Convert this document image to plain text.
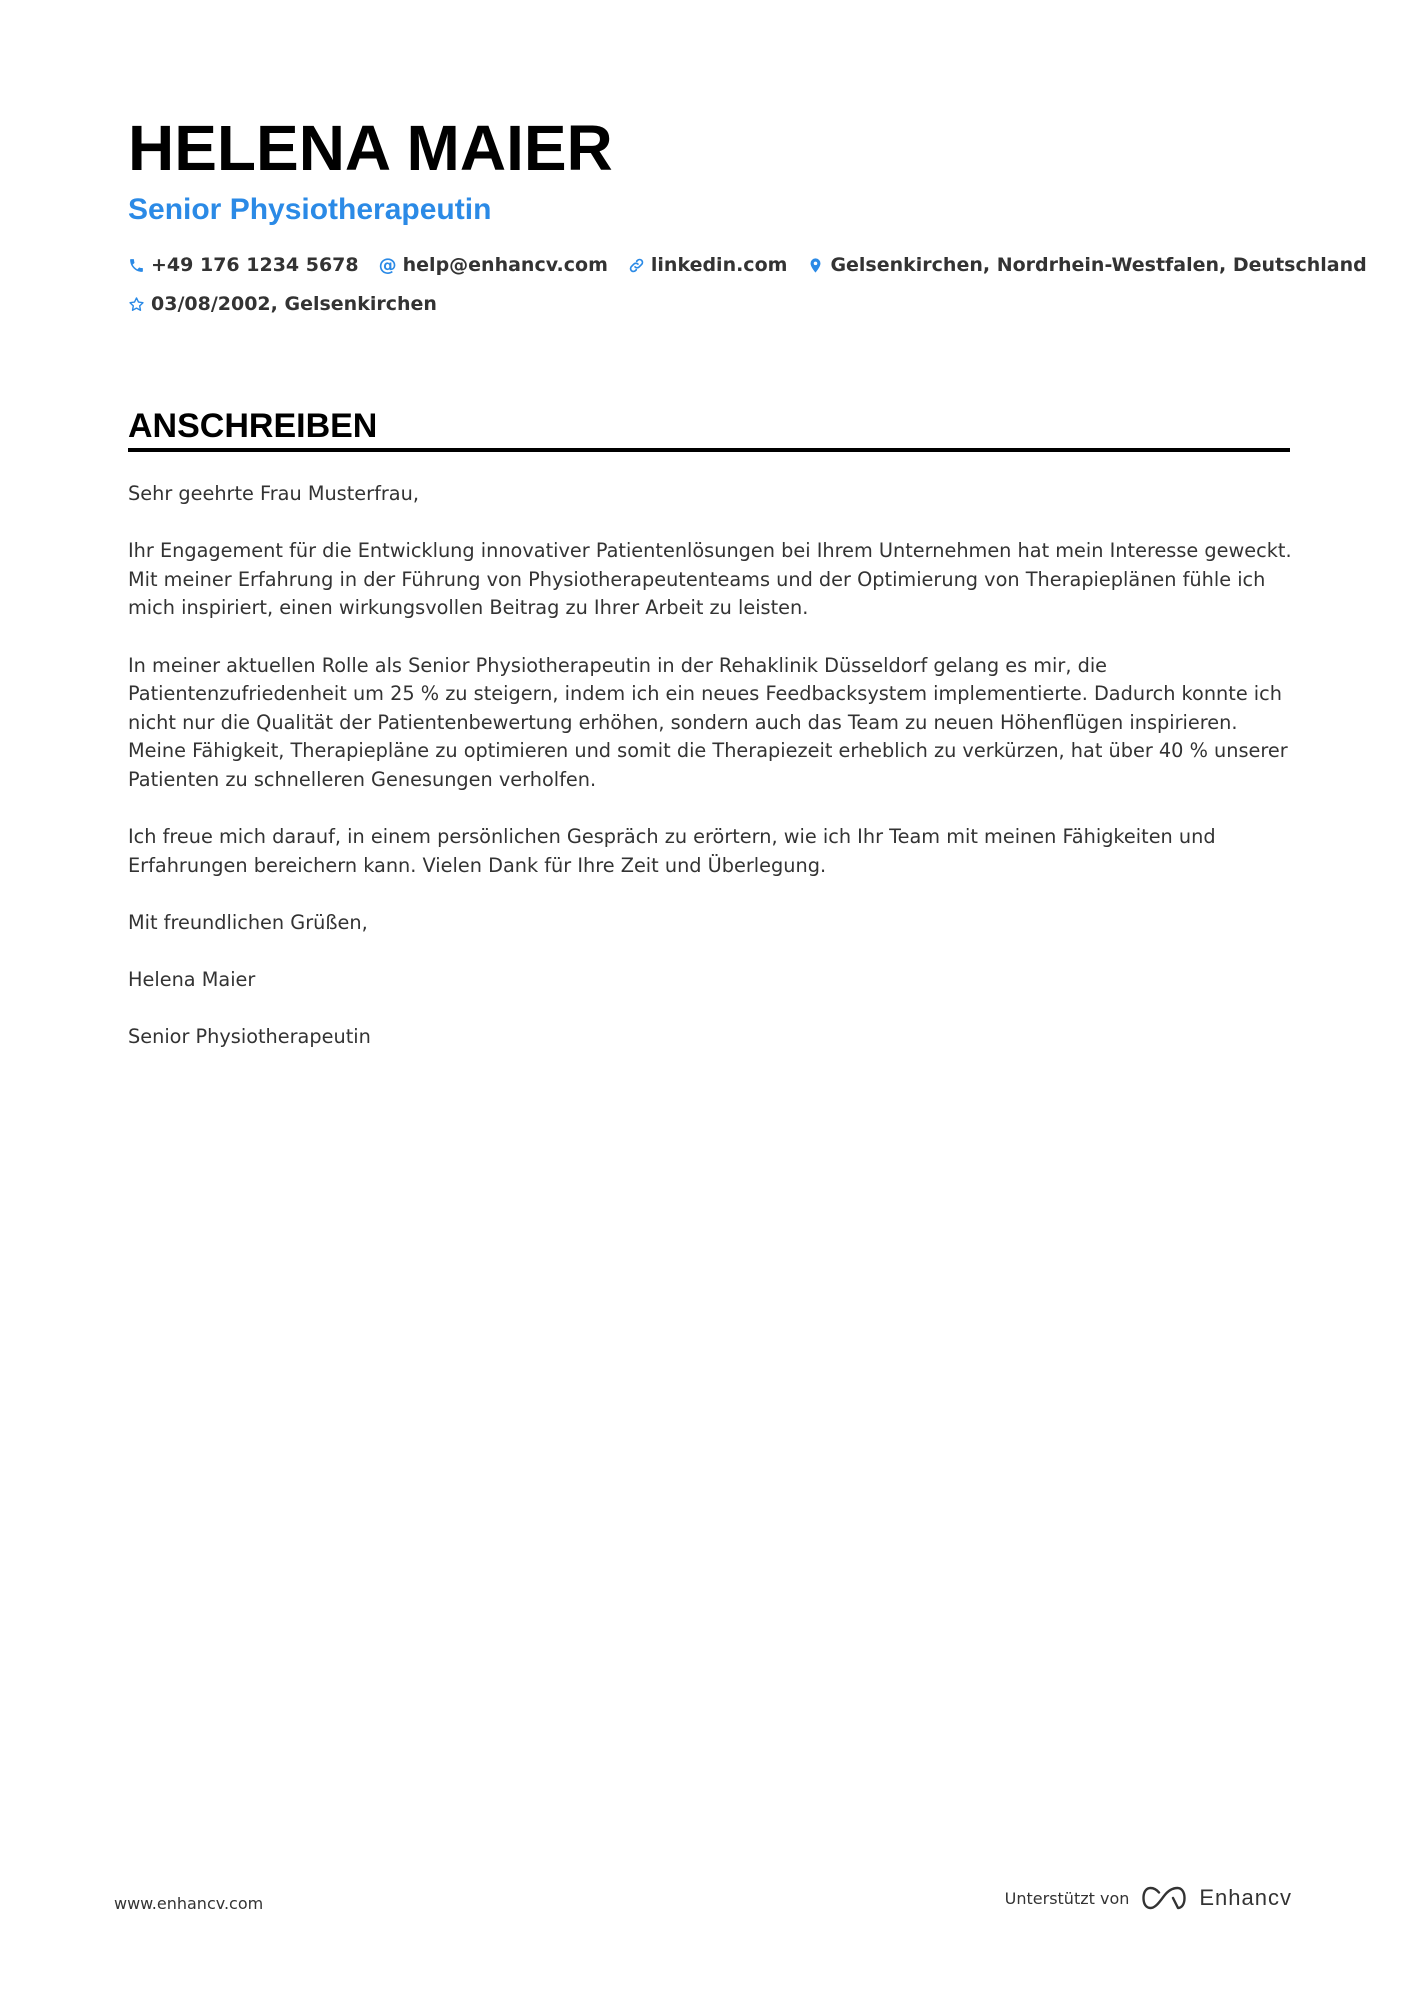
HELENA MAIER
Senior Physiotherapeutin
+49 176 1234 5678 @ help@enhancv.com linkedin.com Gelsenkirchen, Nordrhein-Westfalen, Deutschland
03/08/2002, Gelsenkirchen
ANSCHREIBEN

Sehr geehrte Frau Musterfrau,

Ihr Engagement für die Entwicklung innovativer Patientenlösungen bei Ihrem Unternehmen hat mein Interesse geweckt. Mit meiner Erfahrung in der Führung von Physiotherapeutenteams und der Optimierung von Therapieplänen fühle ich mich inspiriert, einen wirkungsvollen Beitrag zu Ihrer Arbeit zu leisten.

In meiner aktuellen Rolle als Senior Physiotherapeutin in der Rehaklinik Düsseldorf gelang es mir, die Patientenzufriedenheit um 25 % zu steigern, indem ich ein neues Feedbacksystem implementierte. Dadurch konnte ich nicht nur die Qualität der Patientenbewertung erhöhen, sondern auch das Team zu neuen Höhenflügen inspirieren. Meine Fähigkeit, Therapiepläne zu optimieren und somit die Therapiezeit erheblich zu verkürzen, hat über 40 % unserer Patienten zu schnelleren Genesungen verholfen.

Ich freue mich darauf, in einem persönlichen Gespräch zu erörtern, wie ich Ihr Team mit meinen Fähigkeiten und Erfahrungen bereichern kann. Vielen Dank für Ihre Zeit und Überlegung.

Mit freundlichen Grüßen,

Helena Maier

Senior Physiotherapeutin

www.enhancv.com	Unterstützt von	Enhancv
